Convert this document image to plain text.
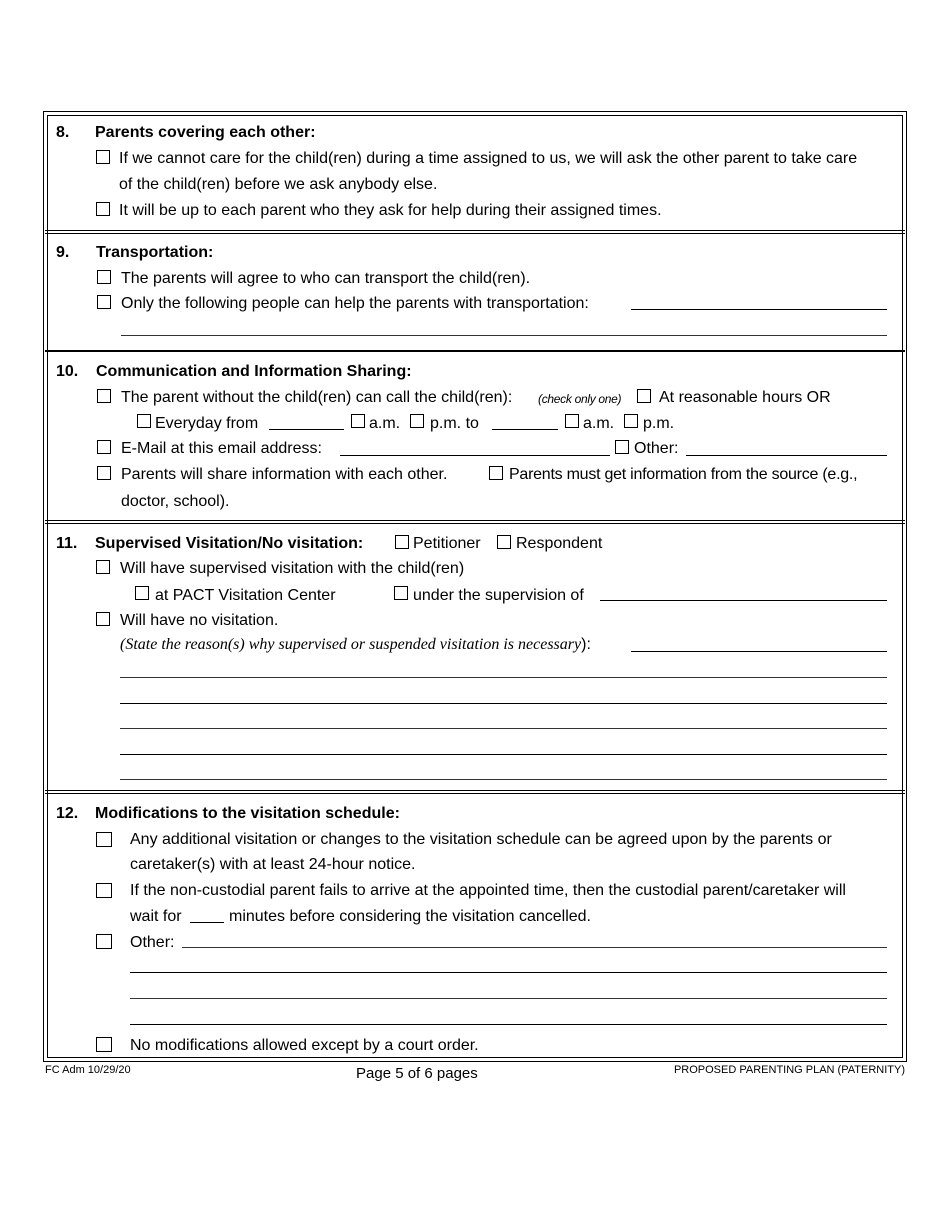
8. Parents covering each other:
If we cannot care for the child(ren) during a time assigned to us, we will ask the other parent to take care
of the child(ren) before we ask anybody else.
It will be up to each parent who they ask for help during their assigned times.
9. Transportation:
The parents will agree to who can transport the child(ren).
Only the following people can help the parents with transportation:
10. Communication and Information Sharing:
The parent without the child(ren) can call the child(ren): (check only one) At reasonable hours OR
Everyday from	a.m. p.m. to	a.m. p.m.
E-Mail at this email address:	Other:
Parents will share information with each other.	Parents must get information from the source (e.g.,
doctor, school).
11. Supervised Visitation/No visitation:	Petitioner Respondent
Will have supervised visitation with the child(ren)
at PACT Visitation Center	under the supervision of
Will have no visitation.
(State the reason(s) why supervised or suspended visitation is necessary):
12. Modifications to the visitation schedule:
Any additional visitation or changes to the visitation schedule can be agreed upon by the parents or
caretaker(s) with at least 24-hour notice.
If the non-custodial parent fails to arrive at the appointed time, then the custodial parent/caretaker will
wait for	minutes before considering the visitation cancelled.
Other:
No modifications allowed except by a court order.
FC Adm 10/29/20	Page 5 of 6 pages	PROPOSED PARENTING PLAN (PATERNITY)
